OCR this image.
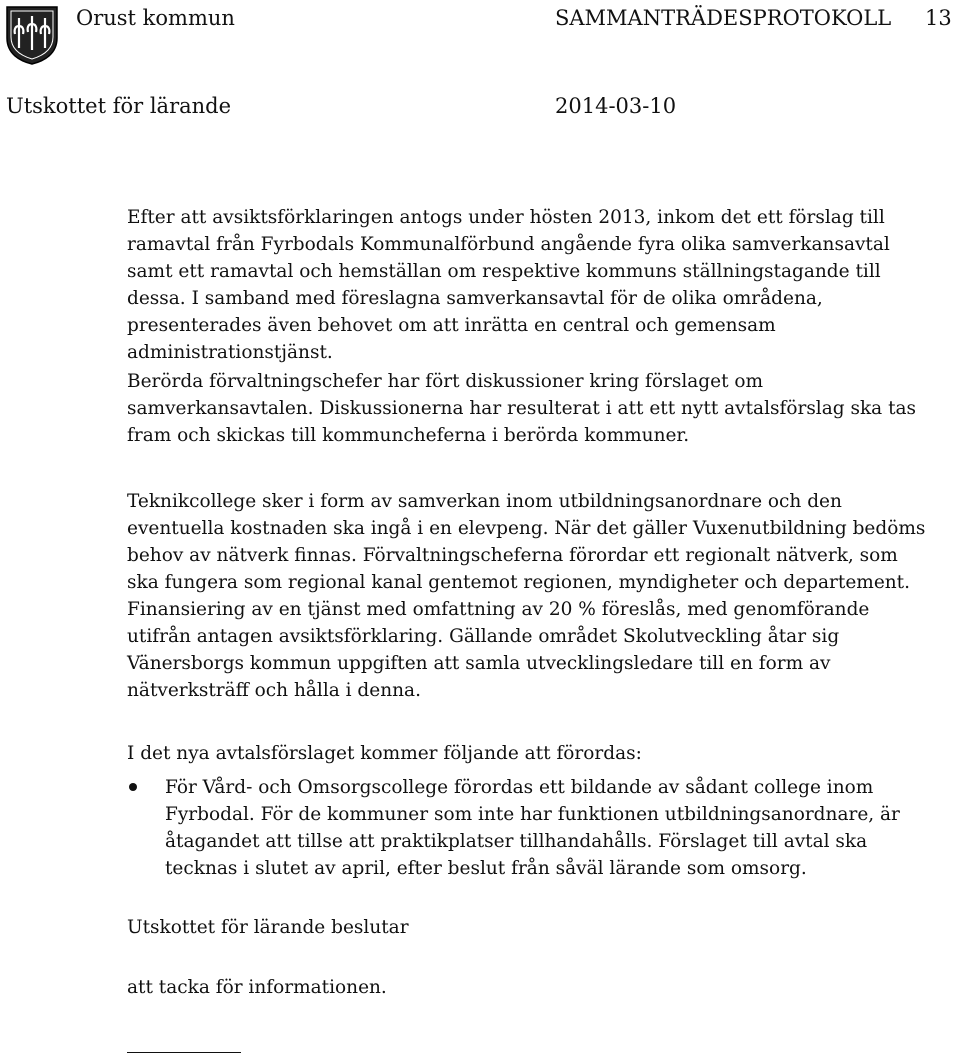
Orust kommun	SAMMANTRÄDESPROTOKOLL 13
Utskottet för lärande	2014-03-10

Efter att avsiktsförklaringen antogs under hösten 2013, inkom det ett förslag till ramavtal från Fyrbodals Kommunalförbund angående fyra olika samverkansavtal samt ett ramavtal och hemställan om respektive kommuns ställningstagande till dessa. I samband med föreslagna samverkansavtal för de olika områdena, presenterades även behovet om att inrätta en central och gemensam administrationstjänst.

Berörda förvaltningschefer har fört diskussioner kring förslaget om samverkansavtalen. Diskussionerna har resulterat i att ett nytt avtalsförslag ska tas fram och skickas till kommuncheferna i berörda kommuner.

Teknikcollege sker i form av samverkan inom utbildningsanordnare och den eventuella kostnaden ska ingå i en elevpeng. När det gäller Vuxenutbildning bedöms behov av nätverk finnas. Förvaltningscheferna förordar ett regionalt nätverk, som ska fungera som regional kanal gentemot regionen, myndigheter och departement. Finansiering av en tjänst med omfattning av 20 % föreslås, med genomförande utifrån antagen avsiktsförklaring. Gällande området Skolutveckling åtar sig Vänersborgs kommun uppgiften att samla utvecklingsledare till en form av nätverksträff och hålla i denna.

I det nya avtalsförslaget kommer följande att förordas:

För Vård- och Omsorgscollege förordas ett bildande av sådant college inom Fyrbodal. För de kommuner som inte har funktionen utbildningsanordnare, är åtagandet att tillse att praktikplatser tillhandahålls. Förslaget till avtal ska tecknas i slutet av april, efter beslut från såväl lärande som omsorg.

Utskottet för lärande beslutar

att tacka för informationen.
